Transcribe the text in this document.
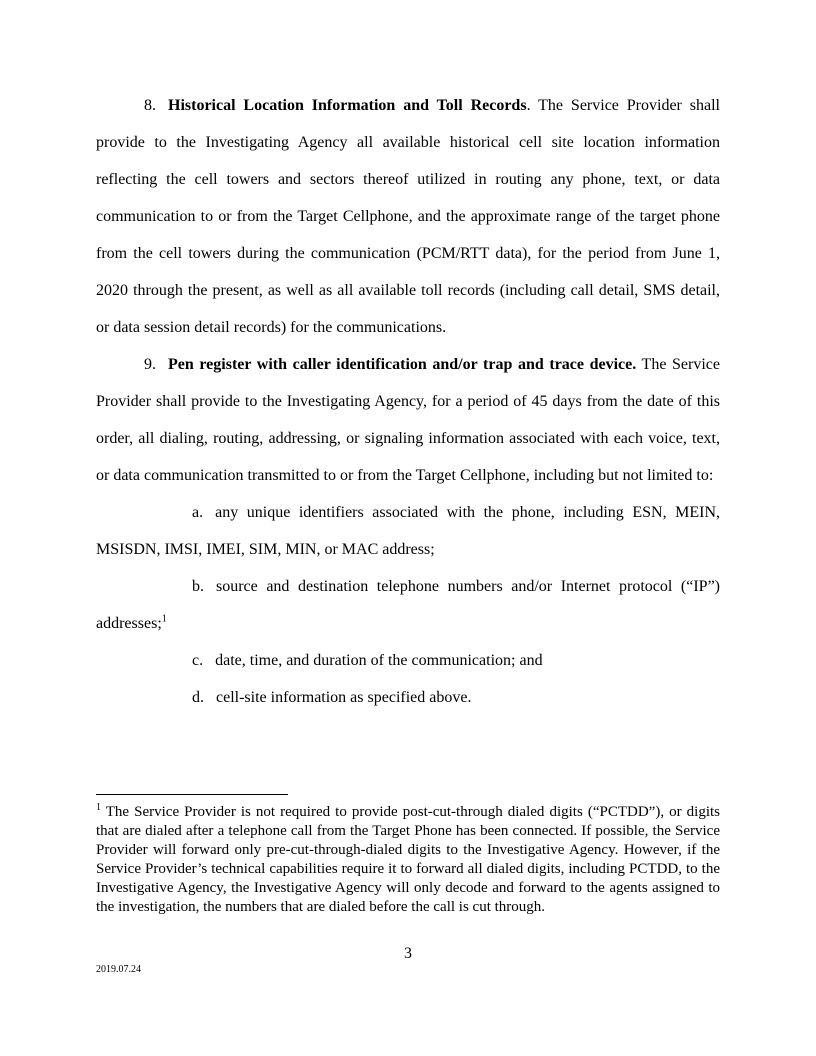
8. Historical Location Information and Toll Records. The Service Provider shall provide to the Investigating Agency all available historical cell site location information reflecting the cell towers and sectors thereof utilized in routing any phone, text, or data communication to or from the Target Cellphone, and the approximate range of the target phone from the cell towers during the communication (PCM/RTT data), for the period from June 1, 2020 through the present, as well as all available toll records (including call detail, SMS detail, or data session detail records) for the communications.

9. Pen register with caller identification and/or trap and trace device. The Service Provider shall provide to the Investigating Agency, for a period of 45 days from the date of this order, all dialing, routing, addressing, or signaling information associated with each voice, text, or data communication transmitted to or from the Target Cellphone, including but not limited to:

a. any unique identifiers associated with the phone, including ESN, MEIN, MSISDN, IMSI, IMEI, SIM, MIN, or MAC address;

b. source and destination telephone numbers and/or Internet protocol (“IP”) addresses;$^1$

c. date, time, and duration of the communication; and

d. cell-site information as specified above.

$^1$ The Service Provider is not required to provide post-cut-through dialed digits (“PCTDD”), or digits that are dialed after a telephone call from the Target Phone has been connected. If possible, the Service Provider will forward only pre-cut-through-dialed digits to the Investigative Agency. However, if the Service Provider’s technical capabilities require it to forward all dialed digits, including PCTDD, to the Investigative Agency, the Investigative Agency will only decode and forward to the agents assigned to the investigation, the numbers that are dialed before the call is cut through.
3
2019.07.24
